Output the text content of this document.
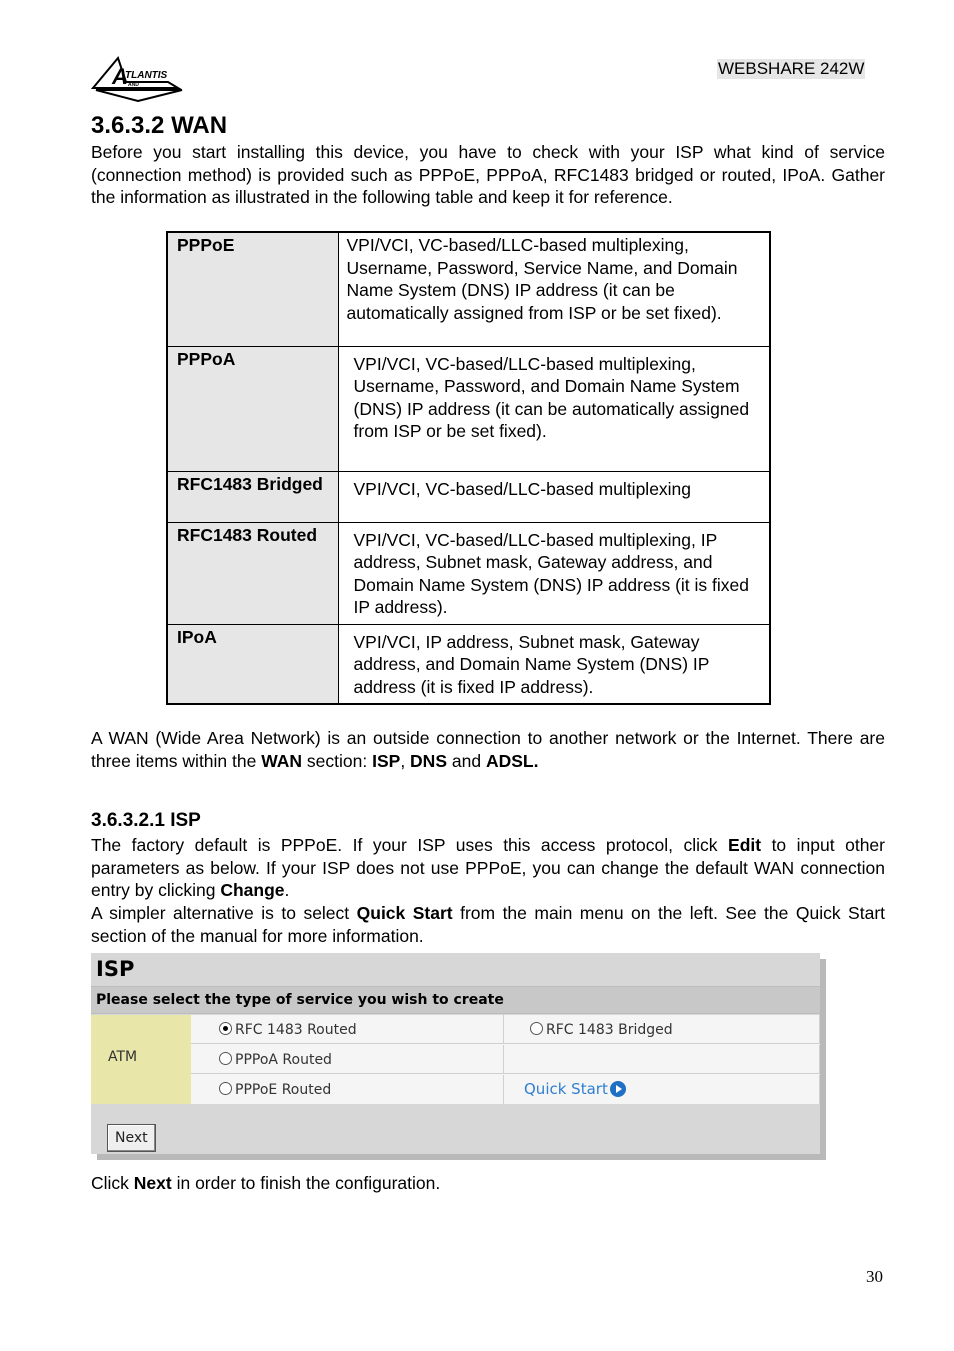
TLANTIS
AND
A	WEBSHARE 242W
3.6.3.2 WAN
Before you start installing this device, you have to check with your ISP what kind of service (connection method) is provided such as PPPoE, PPPoA, RFC1483 bridged or routed, IPoA. Gather the information as illustrated in the following table and keep it for reference.
PPPoE	VPI/VCI, VC-based/LLC-based multiplexing, Username, Password, Service Name, and Domain Name System (DNS) IP address (it can be automatically assigned from ISP or be set fixed).
PPPoA	VPI/VCI, VC-based/LLC-based multiplexing, Username, Password, and Domain Name System (DNS) IP address (it can be automatically assigned from ISP or be set fixed).
RFC1483 Bridged	VPI/VCI, VC-based/LLC-based multiplexing
RFC1483 Routed	VPI/VCI, VC-based/LLC-based multiplexing, IP address, Subnet mask, Gateway address, and Domain Name System (DNS) IP address (it is fixed IP address).
IPoA	VPI/VCI, IP address, Subnet mask, Gateway address, and Domain Name System (DNS) IP address (it is fixed IP address).
A WAN (Wide Area Network) is an outside connection to another network or the Internet. There are three items within the WAN section: ISP, DNS and ADSL.
3.6.3.2.1 ISP
The factory default is PPPoE. If your ISP uses this access protocol, click Edit to input other parameters as below. If your ISP does not use PPPoE, you can change the default WAN connection entry by clicking Change.
A simpler alternative is to select Quick Start from the main menu on the left. See the Quick Start section of the manual for more information.
ISP
Please select the type of service you wish to create
ATM
RFC 1483 Routed	RFC 1483 Bridged
PPPoA Routed
PPPoE Routed	Quick Start
Next
Click Next in order to finish the configuration.
30
